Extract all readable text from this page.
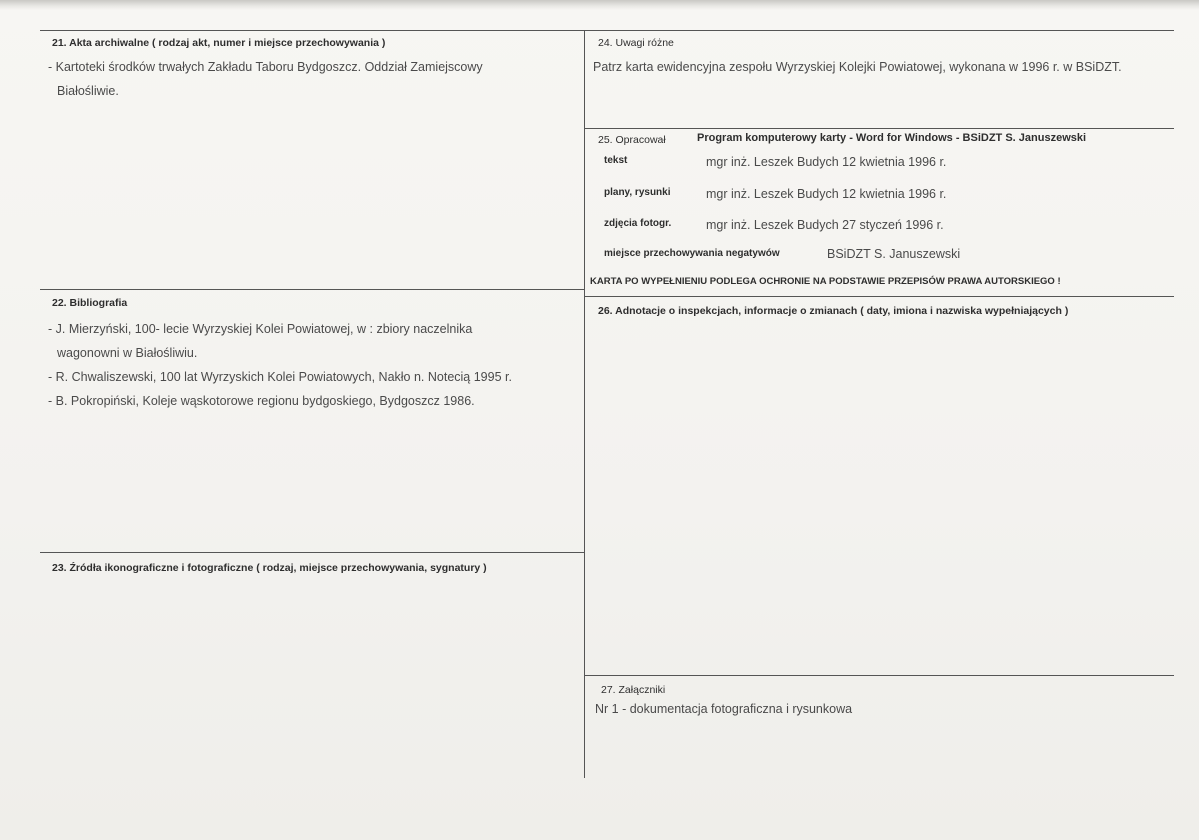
21. Akta archiwalne ( rodzaj akt, numer i miejsce przechowywania )
- Kartoteki środków trwałych Zakładu Taboru Bydgoszcz. Oddział Zamiejscowy
Białośliwie.
22. Bibliografia
- J. Mierzyński, 100- lecie Wyrzyskiej Kolei Powiatowej, w : zbiory naczelnika
wagonowni w Białośliwiu.
- R. Chwaliszewski, 100 lat Wyrzyskich Kolei Powiatowych, Nakło n. Notecią 1995 r.
- B. Pokropiński, Koleje wąskotorowe regionu bydgoskiego, Bydgoszcz 1986.
23. Źródła ikonograficzne i fotograficzne ( rodzaj, miejsce przechowywania, sygnatury )
24. Uwagi różne
Patrz karta ewidencyjna zespołu Wyrzyskiej Kolejki Powiatowej, wykonana w 1996 r. w BSiDZT.
25. Opracował	Program komputerowy karty - Word for Windows - BSiDZT S. Januszewski
tekst	mgr inż. Leszek Budych 12 kwietnia 1996 r.
plany, rysunki	mgr inż. Leszek Budych 12 kwietnia 1996 r.
zdjęcia fotogr.	mgr inż. Leszek Budych 27 styczeń 1996 r.
miejsce przechowywania negatywów	BSiDZT S. Januszewski
KARTA PO WYPEŁNIENIU PODLEGA OCHRONIE NA PODSTAWIE PRZEPISÓW PRAWA AUTORSKIEGO !
26. Adnotacje o inspekcjach, informacje o zmianach ( daty, imiona i nazwiska wypełniających )
27. Załączniki
Nr 1 - dokumentacja fotograficzna i rysunkowa
